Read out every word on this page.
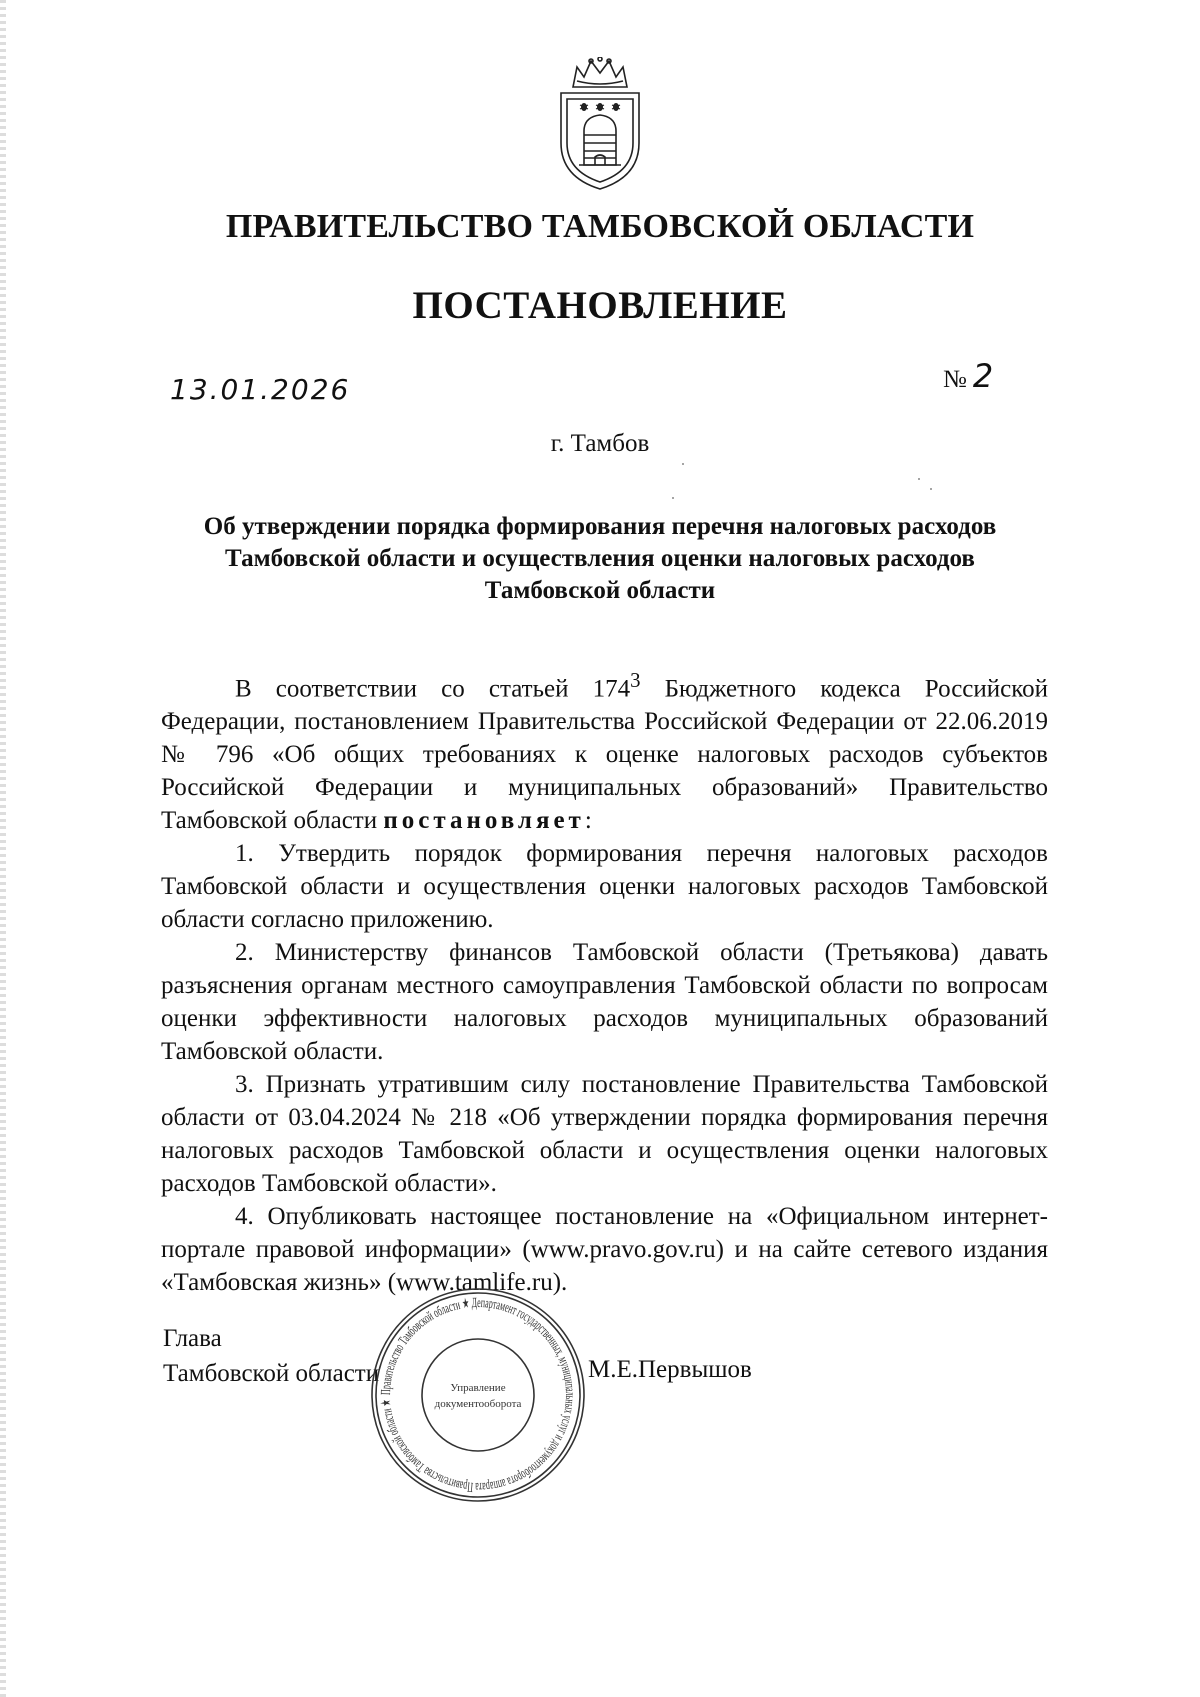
ПРАВИТЕЛЬСТВО ТАМБОВСКОЙ ОБЛАСТИ
ПОСТАНОВЛЕНИЕ
13.01.2026	№ 2
г. Тамбов
Об утверждении порядка формирования перечня налоговых расходов
Тамбовской области и осуществления оценки налоговых расходов
Тамбовской области

В соответствии со статьей $174^3$ Бюджетного кодекса Российской Федерации, постановлением Правительства Российской Федерации от 22.06.2019 № 796 «Об общих требованиях к оценке налоговых расходов субъектов Российской Федерации и муниципальных образований» Правительство Тамбовской области постановляет:

1. Утвердить порядок формирования перечня налоговых расходов Тамбовской области и осуществления оценки налоговых расходов Тамбовской области согласно приложению.

2. Министерству финансов Тамбовской области (Третьякова) давать разъяснения органам местного самоуправления Тамбовской области по вопросам оценки эффективности налоговых расходов муниципальных образований Тамбовской области.

3. Признать утратившим силу постановление Правительства Тамбовской области от 03.04.2024 № 218 «Об утверждении порядка формирования перечня налоговых расходов Тамбовской области и осуществления оценки налоговых расходов Тамбовской области».

4. Опубликовать настоящее постановление на «Официальном интернет-портале правовой информации» (www.pravo.gov.ru) и на сайте сетевого издания «Тамбовская жизнь» (www.tamlife.ru).

Глава
Тамбовской области	М.Е.Первышов
Правительство Тамбовской области ★ Департамент государственных, муниципальных услуг и документооборота аппарата Правительства Тамбовской области ★
Управление
документооборота
